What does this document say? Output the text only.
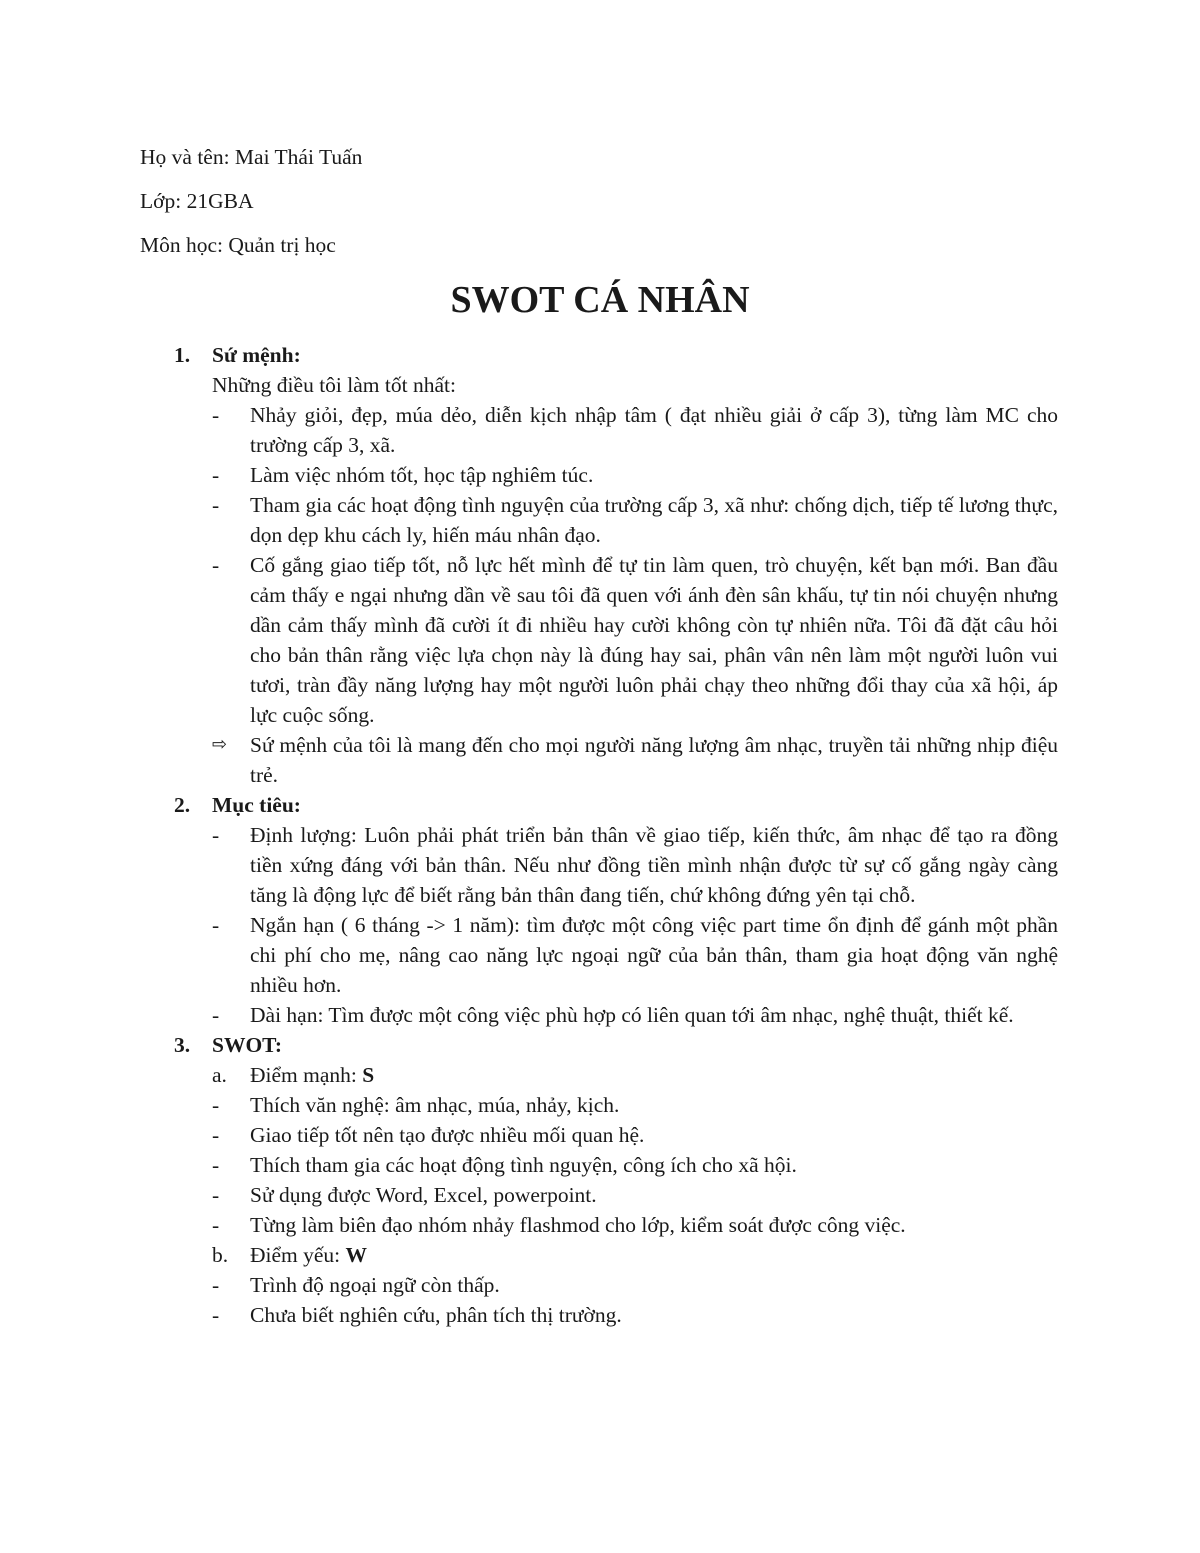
Họ và tên: Mai Thái Tuấn
Lớp: 21GBA
Môn học: Quản trị học
SWOT CÁ NHÂN
1.	Sứ mệnh:
Những điều tôi làm tốt nhất:
-	Nhảy giỏi, đẹp, múa dẻo, diễn kịch nhập tâm ( đạt nhiều giải ở cấp 3), từng làm MC cho trường cấp 3, xã.
-	Làm việc nhóm tốt, học tập nghiêm túc.
-	Tham gia các hoạt động tình nguyện của trường cấp 3, xã như: chống dịch, tiếp tế lương thực, dọn dẹp khu cách ly, hiến máu nhân đạo.
-	Cố gắng giao tiếp tốt, nỗ lực hết mình để tự tin làm quen, trò chuyện, kết bạn mới. Ban đầu cảm thấy e ngại nhưng dần về sau tôi đã quen với ánh đèn sân khấu, tự tin nói chuyện nhưng dần cảm thấy mình đã cười ít đi nhiều hay cười không còn tự nhiên nữa. Tôi đã đặt câu hỏi cho bản thân rằng việc lựa chọn này là đúng hay sai, phân vân nên làm một người luôn vui tươi, tràn đầy năng lượng hay một người luôn phải chạy theo những đổi thay của xã hội, áp lực cuộc sống.
⇨	Sứ mệnh của tôi là mang đến cho mọi người năng lượng âm nhạc, truyền tải những nhịp điệu trẻ.
2.	Mục tiêu:
-	Định lượng: Luôn phải phát triển bản thân về giao tiếp, kiến thức, âm nhạc để tạo ra đồng tiền xứng đáng với bản thân. Nếu như đồng tiền mình nhận được từ sự cố gắng ngày càng tăng là động lực để biết rằng bản thân đang tiến, chứ không đứng yên tại chỗ.
-	Ngắn hạn ( 6 tháng -> 1 năm): tìm được một công việc part time ổn định để gánh một phần chi phí cho mẹ, nâng cao năng lực ngoại ngữ của bản thân, tham gia hoạt động văn nghệ nhiều hơn.
-	Dài hạn: Tìm được một công việc phù hợp có liên quan tới âm nhạc, nghệ thuật, thiết kế.
3.	SWOT:
a.	Điểm mạnh: S
-	Thích văn nghệ: âm nhạc, múa, nhảy, kịch.
-	Giao tiếp tốt nên tạo được nhiều mối quan hệ.
-	Thích tham gia các hoạt động tình nguyện, công ích cho xã hội.
-	Sử dụng được Word, Excel, powerpoint.
-	Từng làm biên đạo nhóm nhảy flashmod cho lớp, kiểm soát được công việc.
b.	Điểm yếu: W
-	Trình độ ngoại ngữ còn thấp.
-	Chưa biết nghiên cứu, phân tích thị trường.
